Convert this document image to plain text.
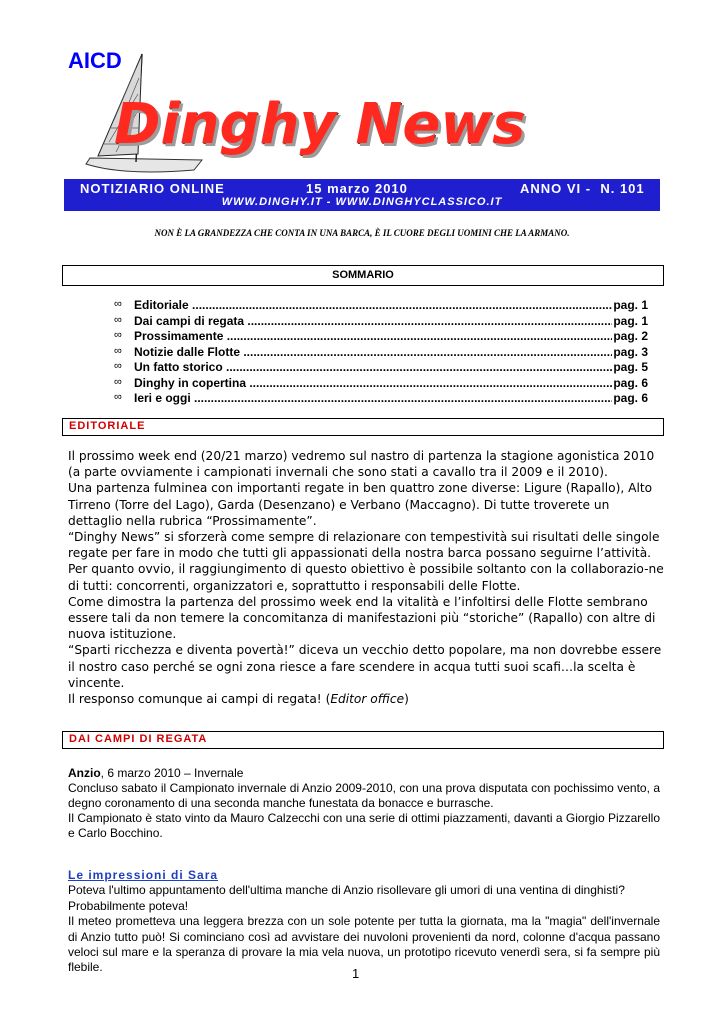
AICD
Dinghy News

NOTIZIARIO ONLINE

	15 marzo 2010

	ANNO VI -  N. 101

WWW.DINGHY.IT - WWW.DINGHYCLASSICO.IT
NON È LA GRANDEZZA CHE CONTA IN UNA BARCA, È IL CUORE DEGLI UOMINI CHE LA ARMANO.
SOMMARIO
∞ Editoriale .....	pag. 1
∞ Dai campi di regata .....	pag. 1
∞ Prossimamente .....	pag. 2
∞ Notizie dalle Flotte .....	pag. 3
∞ Un fatto storico .....	pag. 5
∞ Dinghy in copertina .....	pag. 6
∞ Ieri e oggi .....	pag. 6
EDITORIALE

Il prossimo week end (20/21 marzo) vedremo sul nastro di partenza la stagione agonistica 2010 (a parte ovviamente i campionati invernali che sono stati a cavallo tra il 2009 e il 2010).

Una partenza fulminea con importanti regate in ben quattro zone diverse: Ligure (Rapallo), Alto Tirreno (Torre del Lago), Garda (Desenzano) e Verbano (Maccagno). Di tutte troverete un dettaglio nella rubrica “Prossimamente”.

“Dinghy News” si sforzerà come sempre di relazionare con tempestività sui risultati delle singole regate per fare in modo che tutti gli appassionati della nostra barca possano seguirne l’attività.

Per quanto ovvio, il raggiungimento di questo obiettivo è possibile soltanto con la collaborazio-ne di tutti: concorrenti, organizzatori e, soprattutto i responsabili delle Flotte.

Come dimostra la partenza del prossimo week end la vitalità e l’infoltirsi delle Flotte sembrano essere tali da non temere la concomitanza di manifestazioni più “storiche” (Rapallo) con altre di nuova istituzione.

“Sparti ricchezza e diventa povertà!” diceva un vecchio detto popolare, ma non dovrebbe essere il nostro caso perché se ogni zona riesce a fare scendere in acqua tutti suoi scafi…la scelta è vincente.

Il responso comunque ai campi di regata! (Editor office)

DAI CAMPI DI REGATA

Anzio, 6 marzo 2010 – Invernale

Concluso sabato il Campionato invernale di Anzio 2009-2010, con una prova disputata con pochissimo vento, a degno coronamento di una seconda manche funestata da bonacce e burrasche.

Il Campionato è stato vinto da Mauro Calzecchi con una serie di ottimi piazzamenti, davanti a Giorgio Pizzarello e Carlo Bocchino.

Le impressioni di Sara

Poteva l'ultimo appuntamento dell'ultima manche di Anzio risollevare gli umori di una ventina di dinghisti? Probabilmente poteva!

Il meteo prometteva una leggera brezza con un sole potente per tutta la giornata, ma la "magia" dell'invernale di Anzio tutto può! Si cominciano così ad avvistare dei nuvoloni provenienti da nord, colonne d'acqua passano veloci sul mare e la speranza di provare la mia vela nuova, un prototipo ricevuto venerdì sera, si fa sempre più flebile.	1
